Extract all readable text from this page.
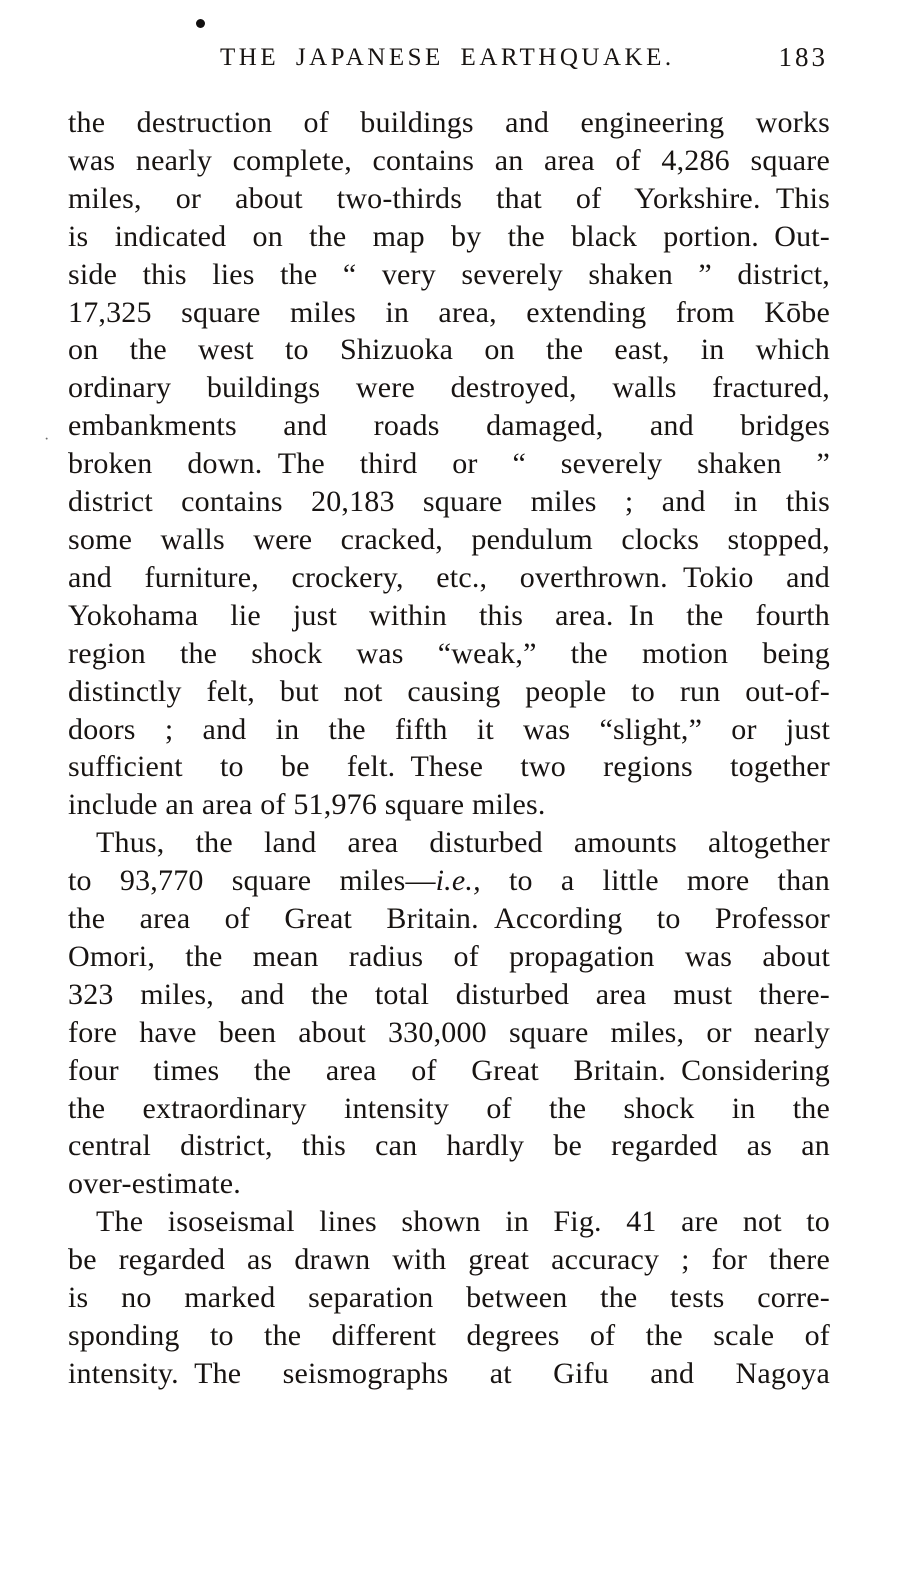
THE JAPANESE EARTHQUAKE.	183
the destruction of buildings and engineering works
was nearly complete, contains an area of 4,286 square
miles, or about two-thirds that of Yorkshire. This
is indicated on the map by the black portion. Out-
side this lies the “ very severely shaken ” district,
17,325 square miles in area, extending from Kōbe
on the west to Shizuoka on the east, in which
ordinary buildings were destroyed, walls fractured,
embankments and roads damaged, and bridges
broken down. The third or “ severely shaken ”
district contains 20,183 square miles ; and in this
some walls were cracked, pendulum clocks stopped,
and furniture, crockery, etc., overthrown. Tokio and
Yokohama lie just within this area. In the fourth
region the shock was “weak,” the motion being
distinctly felt, but not causing people to run out-of-
doors ; and in the fifth it was “slight,” or just
sufficient to be felt. These two regions together
include an area of 51,976 square miles.
Thus, the land area disturbed amounts altogether
to 93,770 square miles—i.e., to a little more than
the area of Great Britain. According to Professor
Omori, the mean radius of propagation was about
323 miles, and the total disturbed area must there-
fore have been about 330,000 square miles, or nearly
four times the area of Great Britain. Considering
the extraordinary intensity of the shock in the
central district, this can hardly be regarded as an
over-estimate.
The isoseismal lines shown in Fig. 41 are not to
be regarded as drawn with great accuracy ; for there
is no marked separation between the tests corre-
sponding to the different degrees of the scale of
intensity. The seismographs at Gifu and Nagoya
·
